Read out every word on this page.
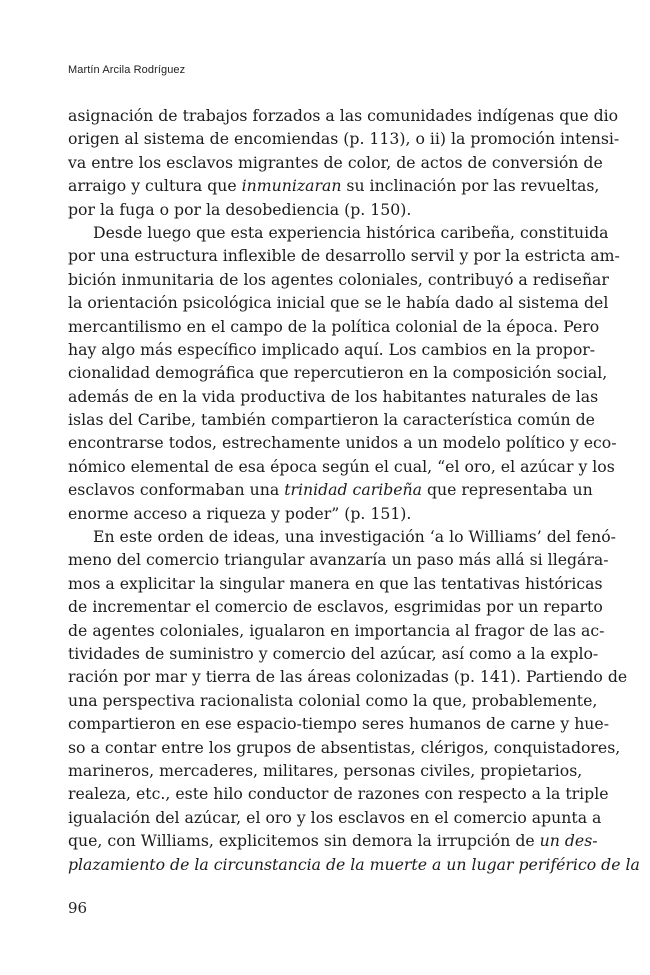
Martín Arcila Rodríguez
asignación de trabajos forzados a las comunidades indígenas que dio
origen al sistema de encomiendas (p. 113), o ii) la promoción intensi-
va entre los esclavos migrantes de color, de actos de conversión de
arraigo y cultura que inmunizaran su inclinación por las revueltas,
por la fuga o por la desobediencia (p. 150).
Desde luego que esta experiencia histórica caribeña, constituida
por una estructura inflexible de desarrollo servil y por la estricta am-
bición inmunitaria de los agentes coloniales, contribuyó a rediseñar
la orientación psicológica inicial que se le había dado al sistema del
mercantilismo en el campo de la política colonial de la época. Pero
hay algo más específico implicado aquí. Los cambios en la propor-
cionalidad demográfica que repercutieron en la composición social,
además de en la vida productiva de los habitantes naturales de las
islas del Caribe, también compartieron la característica común de
encontrarse todos, estrechamente unidos a un modelo político y eco-
nómico elemental de esa época según el cual, “el oro, el azúcar y los
esclavos conformaban una trinidad caribeña que representaba un
enorme acceso a riqueza y poder” (p. 151).
En este orden de ideas, una investigación ‘a lo Williams’ del fenó-
meno del comercio triangular avanzaría un paso más allá si llegára-
mos a explicitar la singular manera en que las tentativas históricas
de incrementar el comercio de esclavos, esgrimidas por un reparto
de agentes coloniales, igualaron en importancia al fragor de las ac-
tividades de suministro y comercio del azúcar, así como a la explo-
ración por mar y tierra de las áreas colonizadas (p. 141). Partiendo de
una perspectiva racionalista colonial como la que, probablemente,
compartieron en ese espacio-tiempo seres humanos de carne y hue-
so a contar entre los grupos de absentistas, clérigos, conquistadores,
marineros, mercaderes, militares, personas civiles, propietarios,
realeza, etc., este hilo conductor de razones con respecto a la triple
igualación del azúcar, el oro y los esclavos en el comercio apunta a
que, con Williams, explicitemos sin demora la irrupción de un des-
plazamiento de la circunstancia de la muerte a un lugar periférico de la
96
